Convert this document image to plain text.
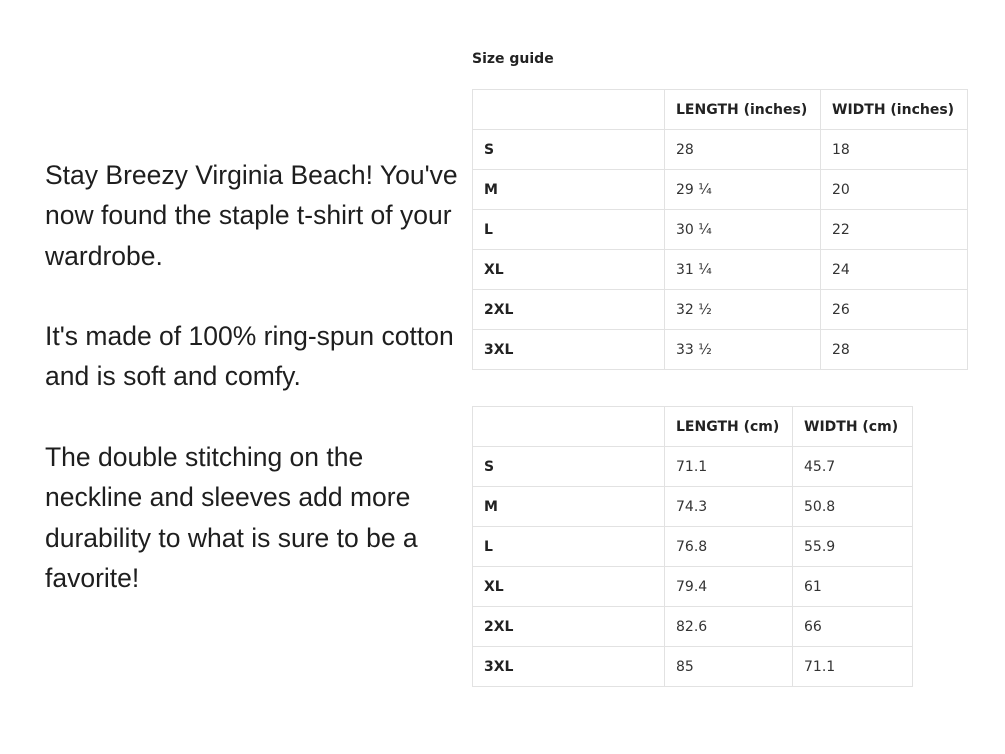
Stay Breezy Virginia Beach! You've now found the staple t-shirt of your wardrobe.

It's made of 100% ring-spun cotton and is soft and comfy.

The double stitching on the neckline and sleeves add more durability to what is sure to be a favorite!

Size guide
	LENGTH (inches)	WIDTH (inches)
S	28	18
M	29 ¼	20
L	30 ¼	22
XL	31 ¼	24
2XL	32 ½	26
3XL	33 ½	28
	LENGTH (cm)	WIDTH (cm)
S	71.1	45.7
M	74.3	50.8
L	76.8	55.9
XL	79.4	61
2XL	82.6	66
3XL	85	71.1
